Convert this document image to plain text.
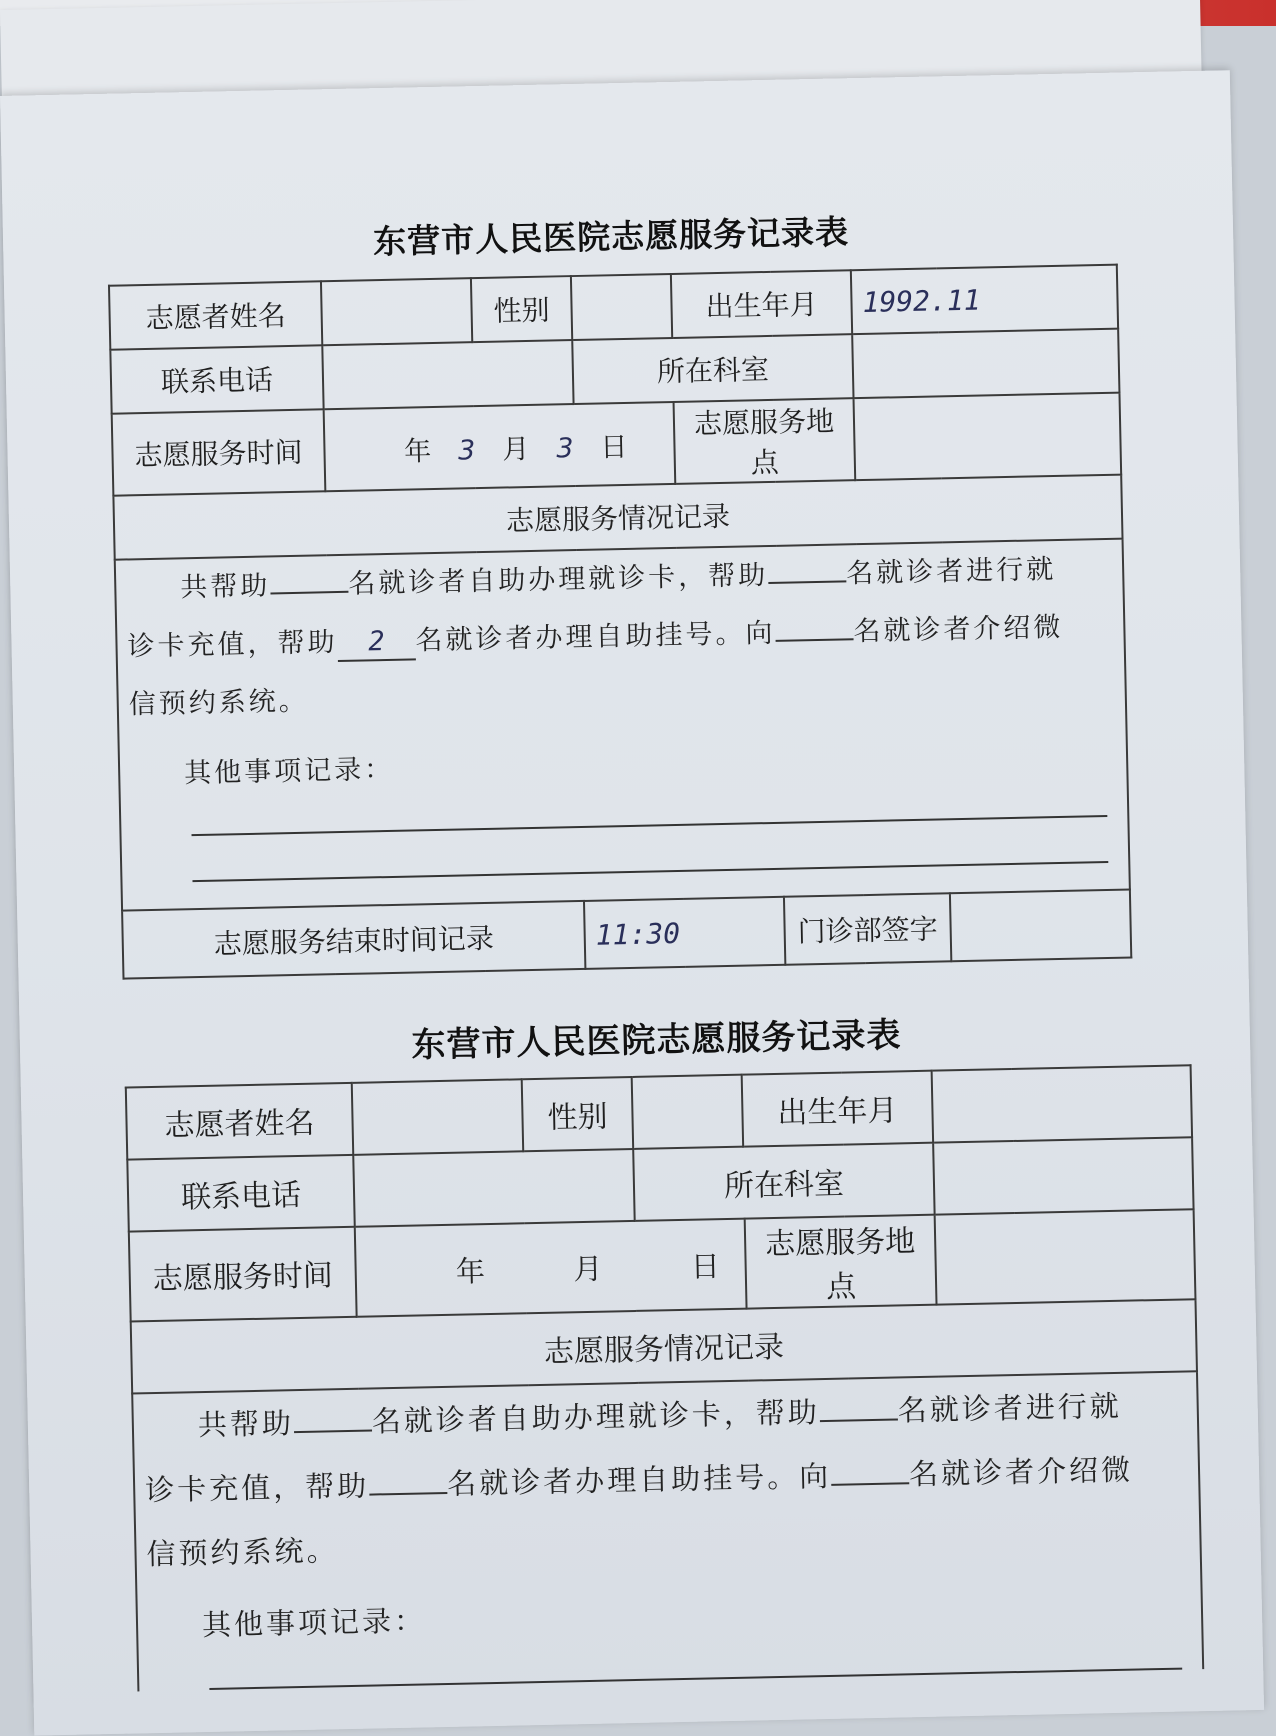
东营市人民医院志愿服务记录表
志愿者姓名		性别		出生年月		1992.11	
联系电话			所在科室				
志愿服务时间	年 3 月 3 日			志愿服务地点			
志愿服务情况记录							

共帮助 名就诊者自助办理就诊卡，帮助 名就诊者进行就
诊卡充值，帮助 2 名就诊者办理自助挂号。向 名就诊者介绍微
信预约系统。

其他事项记录：							

志愿服务结束时间记录			11:30		门诊部签字		
东营市人民医院志愿服务记录表
志愿者姓名		性别		出生年月	
联系电话			所在科室		
志愿服务时间	年 月 日			志愿服务地点	
志愿服务情况记录					

共帮助 名就诊者自助办理就诊卡，帮助 名就诊者进行就
诊卡充值，帮助 名就诊者办理自助挂号。向 名就诊者介绍微
信预约系统。

其他事项记录：					
